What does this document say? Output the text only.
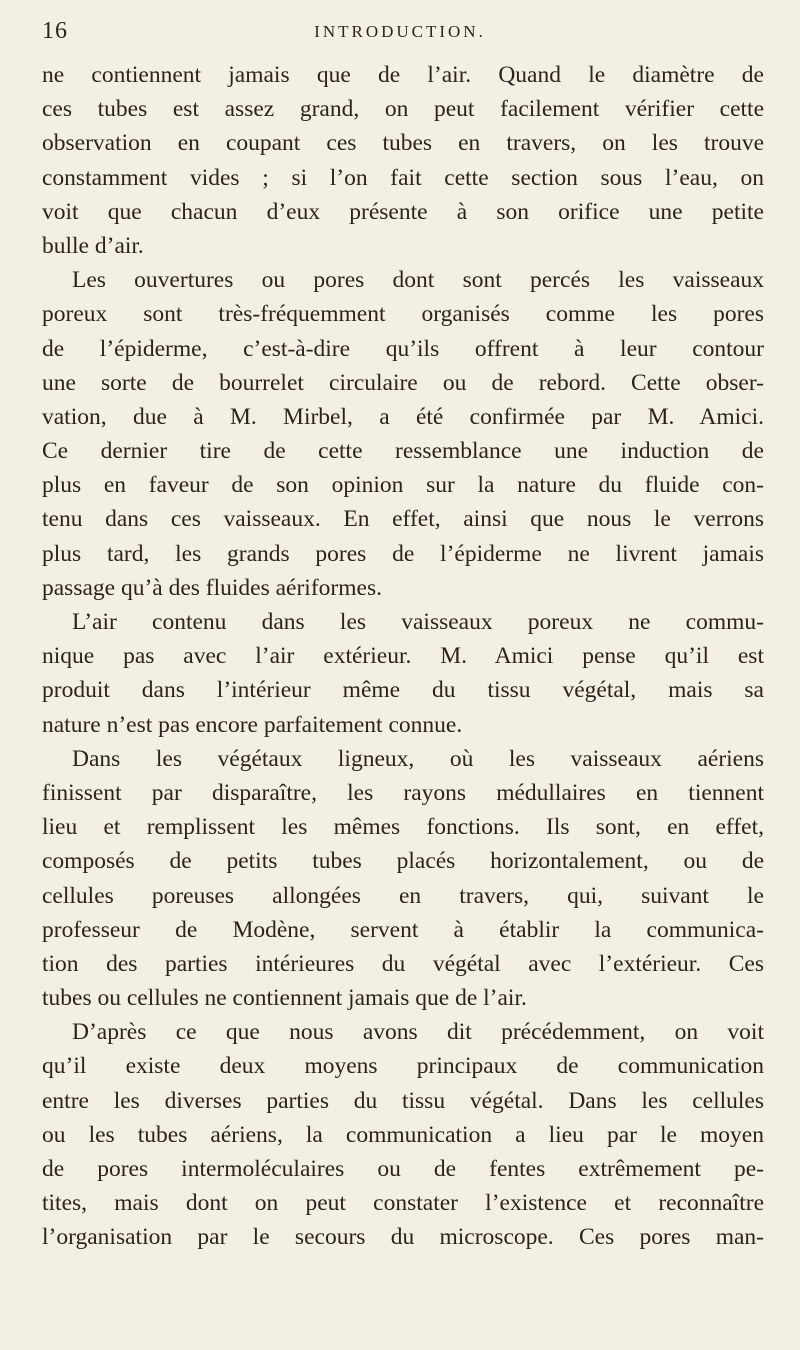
16	INTRODUCTION.
ne contiennent jamais que de l’air. Quand le diamètre de
ces tubes est assez grand, on peut facilement vérifier cette
observation en coupant ces tubes en travers, on les trouve
constamment vides ; si l’on fait cette section sous l’eau, on
voit que chacun d’eux présente à son orifice une petite
bulle d’air.
Les ouvertures ou pores dont sont percés les vaisseaux
poreux sont très-fréquemment organisés comme les pores
de l’épiderme, c’est-à-dire qu’ils offrent à leur contour
une sorte de bourrelet circulaire ou de rebord. Cette obser-
vation, due à M. Mirbel, a été confirmée par M. Amici.
Ce dernier tire de cette ressemblance une induction de
plus en faveur de son opinion sur la nature du fluide con-
tenu dans ces vaisseaux. En effet, ainsi que nous le verrons
plus tard, les grands pores de l’épiderme ne livrent jamais
passage qu’à des fluides aériformes.
L’air contenu dans les vaisseaux poreux ne commu-
nique pas avec l’air extérieur. M. Amici pense qu’il est
produit dans l’intérieur même du tissu végétal, mais sa
nature n’est pas encore parfaitement connue.
Dans les végétaux ligneux, où les vaisseaux aériens
finissent par disparaître, les rayons médullaires en tiennent
lieu et remplissent les mêmes fonctions. Ils sont, en effet,
composés de petits tubes placés horizontalement, ou de
cellules poreuses allongées en travers, qui, suivant le
professeur de Modène, servent à établir la communica-
tion des parties intérieures du végétal avec l’extérieur. Ces
tubes ou cellules ne contiennent jamais que de l’air.
D’après ce que nous avons dit précédemment, on voit
qu’il existe deux moyens principaux de communication
entre les diverses parties du tissu végétal. Dans les cellules
ou les tubes aériens, la communication a lieu par le moyen
de pores intermoléculaires ou de fentes extrêmement pe-
tites, mais dont on peut constater l’existence et reconnaître
l’organisation par le secours du microscope. Ces pores man-
